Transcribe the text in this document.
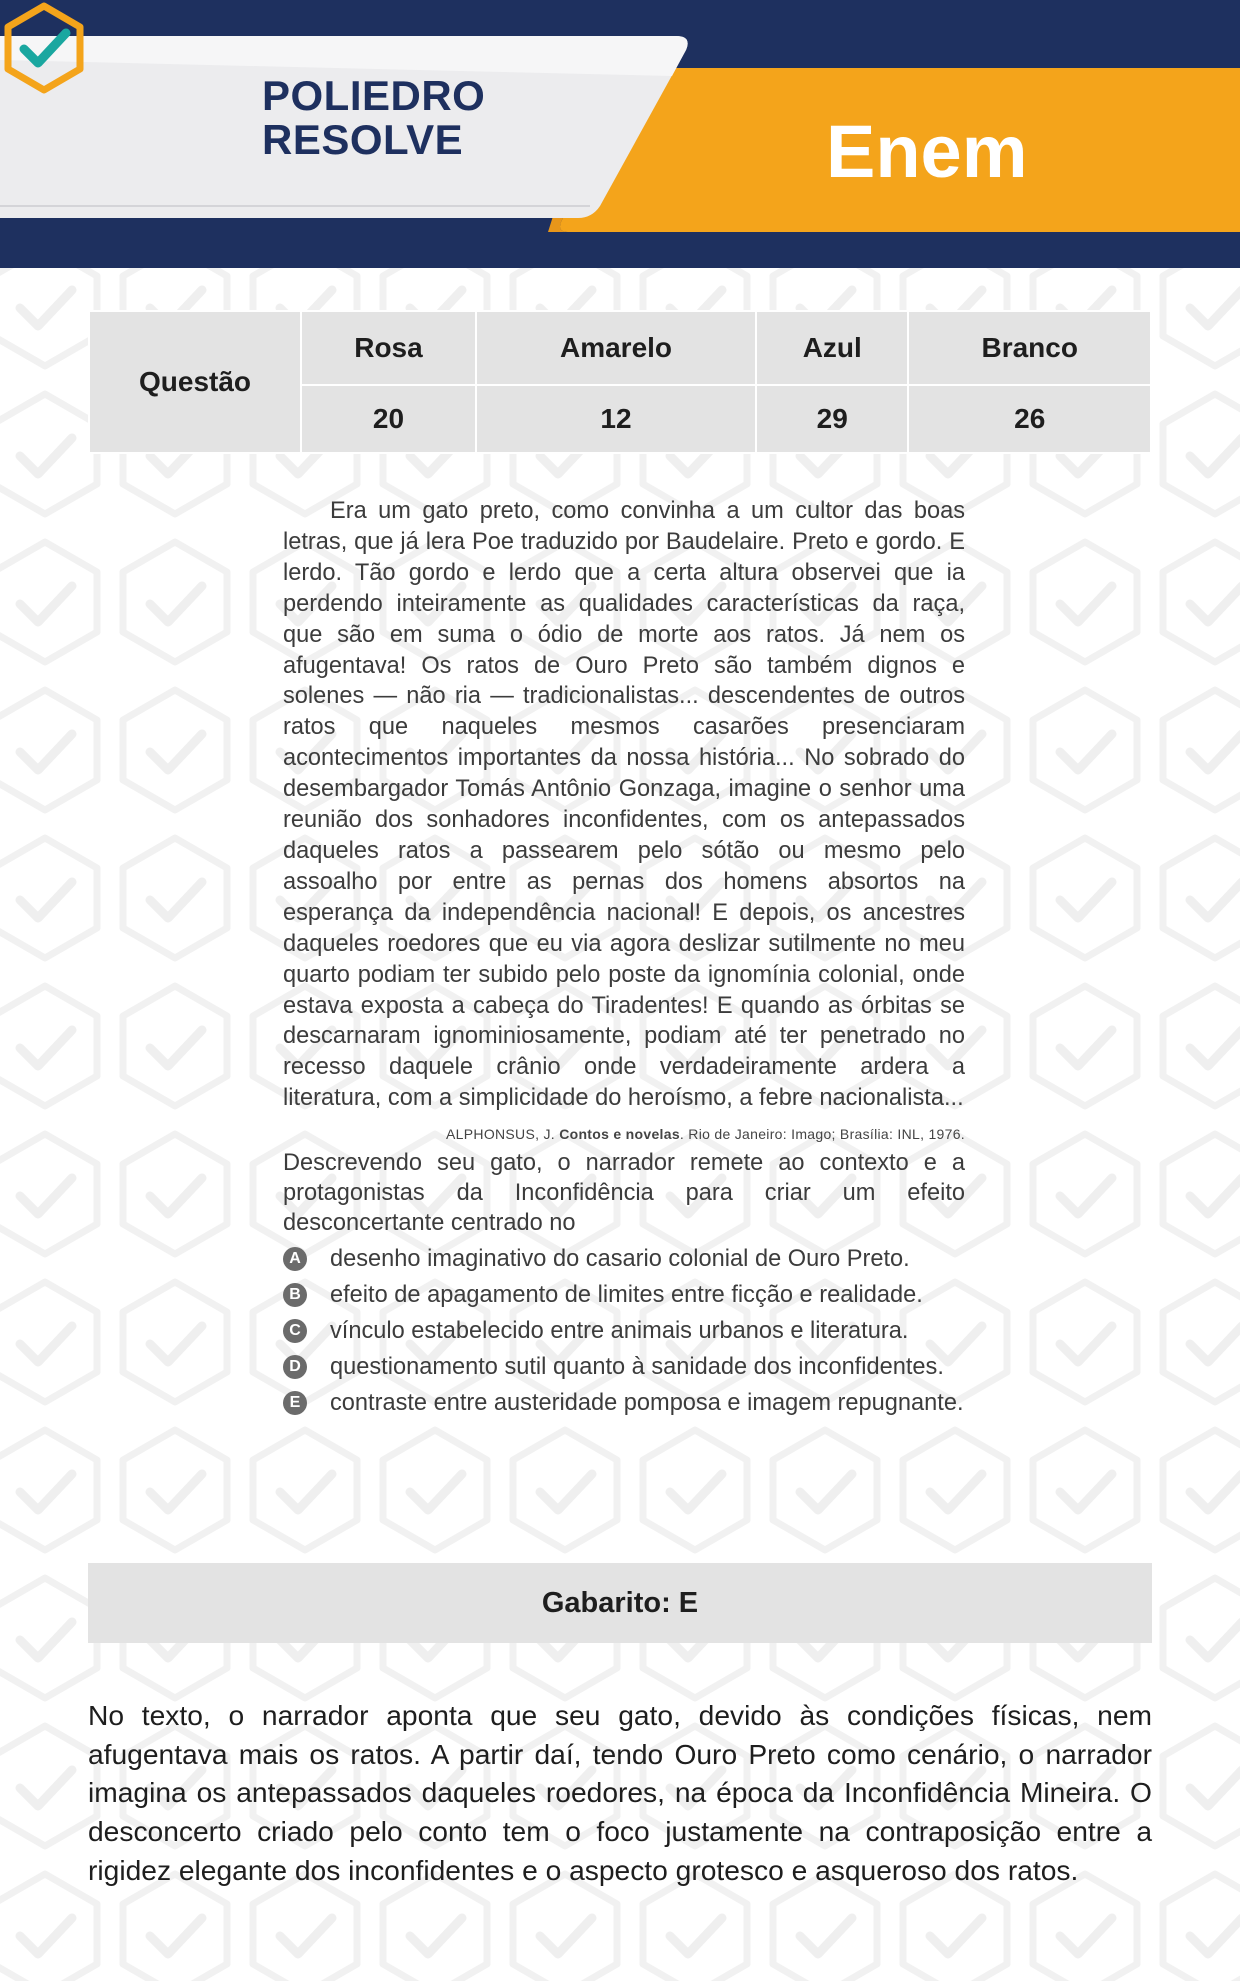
POLIEDRO
RESOLVE	Enem
Questão	Rosa	Amarelo	Azul	Branco
	20	12	29	26

Era um gato preto, como convinha a um cultor das boas letras, que já lera Poe traduzido por Baudelaire. Preto e gordo. E lerdo. Tão gordo e lerdo que a certa altura observei que ia perdendo inteiramente as qualidades características da raça, que são em suma o ódio de morte aos ratos. Já nem os afugentava! Os ratos de Ouro Preto são também dignos e solenes — não ria — tradicionalistas... descendentes de outros ratos que naqueles mesmos casarões presenciaram acontecimentos importantes da nossa história... No sobrado do desembargador Tomás Antônio Gonzaga, imagine o senhor uma reunião dos sonhadores inconfidentes, com os antepassados daqueles ratos a passearem pelo sótão ou mesmo pelo assoalho por entre as pernas dos homens absortos na esperança da independência nacional! E depois, os ancestres daqueles roedores que eu via agora deslizar sutilmente no meu quarto podiam ter subido pelo poste da ignomínia colonial, onde estava exposta a cabeça do Tiradentes! E quando as órbitas se descarnaram ignominiosamente, podiam até ter penetrado no recesso daquele crânio onde verdadeiramente ardera a literatura, com a simplicidade do heroísmo, a febre nacionalista...

ALPHONSUS, J. Contos e novelas. Rio de Janeiro: Imago; Brasília: INL, 1976.

Descrevendo seu gato, o narrador remete ao contexto e a protagonistas da Inconfidência para criar um efeito desconcertante centrado no

A desenho imaginativo do casario colonial de Ouro Preto.
B efeito de apagamento de limites entre ficção e realidade.
C vínculo estabelecido entre animais urbanos e literatura.
D questionamento sutil quanto à sanidade dos inconfidentes.
E contraste entre austeridade pomposa e imagem repugnante.
Gabarito: E

No texto, o narrador aponta que seu gato, devido às condições físicas, nem afugentava mais os ratos. A partir daí, tendo Ouro Preto como cenário, o narrador imagina os antepassados daqueles roedores, na época da Inconfidência Mineira. O desconcerto criado pelo conto tem o foco justamente na contraposição entre a rigidez elegante dos inconfidentes e o aspecto grotesco e asqueroso dos ratos.
